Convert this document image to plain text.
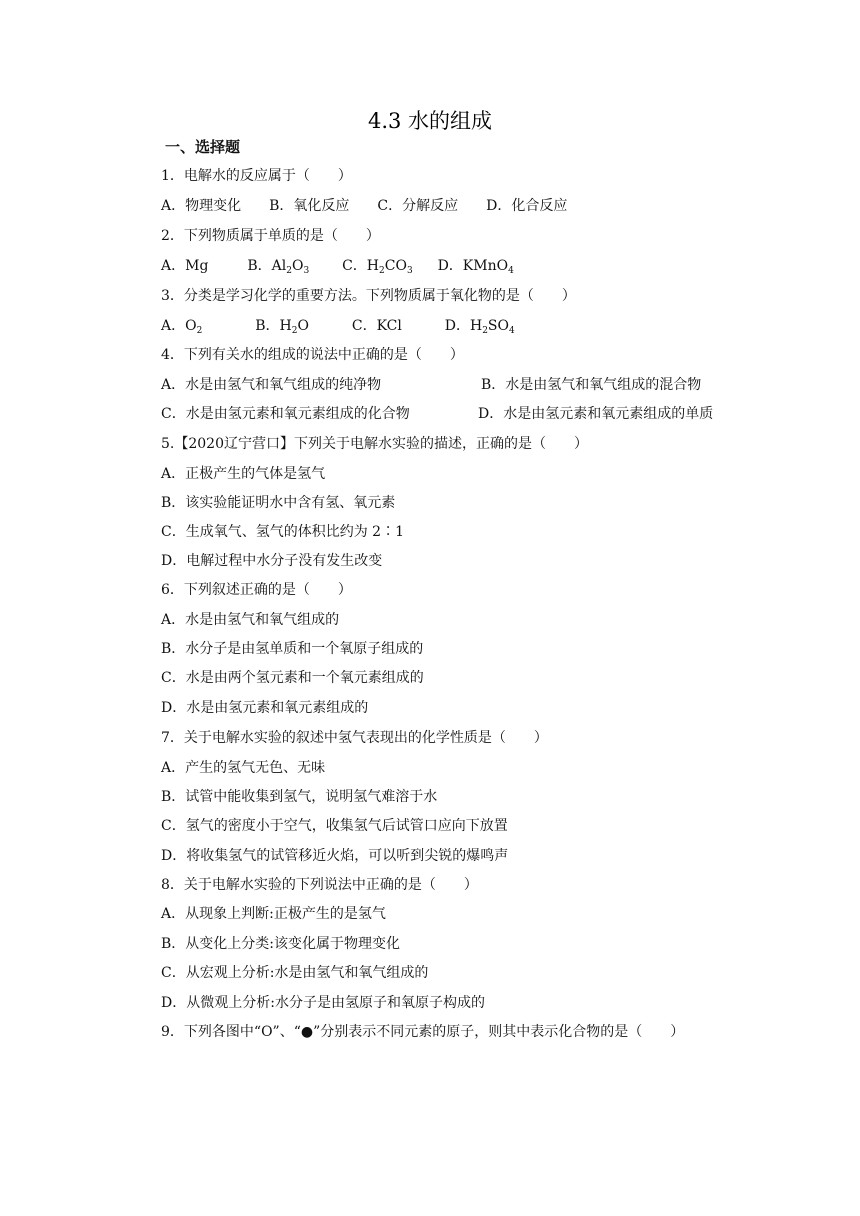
4.3 水的组成
一、选择题
1．电解水的反应属于（　　）
A．物理变化　　B．氧化反应　　C．分解反应　　D．化合反应
2．下列物质属于单质的是（　　）
A．Mg	B．$Al_2O_3$ C．$H_2CO_3$ D．KMnO$_4$
3．分类是学习化学的重要方法。下列物质属于氧化物的是（　　）
A．$O_2$	B．$H_2O$	C．KCl	D．$H_2SO_4$
4．下列有关水的组成的说法中正确的是（　　）
A．水是由氢气和氧气组成的纯净物	B．水是由氢气和氧气组成的混合物
C．水是由氢元素和氧元素组成的化合物	D．水是由氢元素和氧元素组成的单质
5.【2020辽宁营口】下列关于电解水实验的描述，正确的是（　　）
A．正极产生的气体是氢气
B．该实验能证明水中含有氢、氧元素
C．生成氧气、氢气的体积比约为 2∶1
D．电解过程中水分子没有发生改变
6．下列叙述正确的是（　　）
A．水是由氢气和氧气组成的
B．水分子是由氢单质和一个氧原子组成的
C．水是由两个氢元素和一个氧元素组成的
D．水是由氢元素和氧元素组成的
7．关于电解水实验的叙述中氢气表现出的化学性质是（　　）
A．产生的氢气无色、无味
B．试管中能收集到氢气，说明氢气难溶于水
C．氢气的密度小于空气，收集氢气后试管口应向下放置
D．将收集氢气的试管移近火焰，可以听到尖锐的爆鸣声
8．关于电解水实验的下列说法中正确的是（　　）
A．从现象上判断:正极产生的是氢气
B．从变化上分类:该变化属于物理变化
C．从宏观上分析:水是由氢气和氧气组成的
D．从微观上分析:水分子是由氢原子和氧原子构成的
9．下列各图中“O”、“●”分别表示不同元素的原子，则其中表示化合物的是（　　）
